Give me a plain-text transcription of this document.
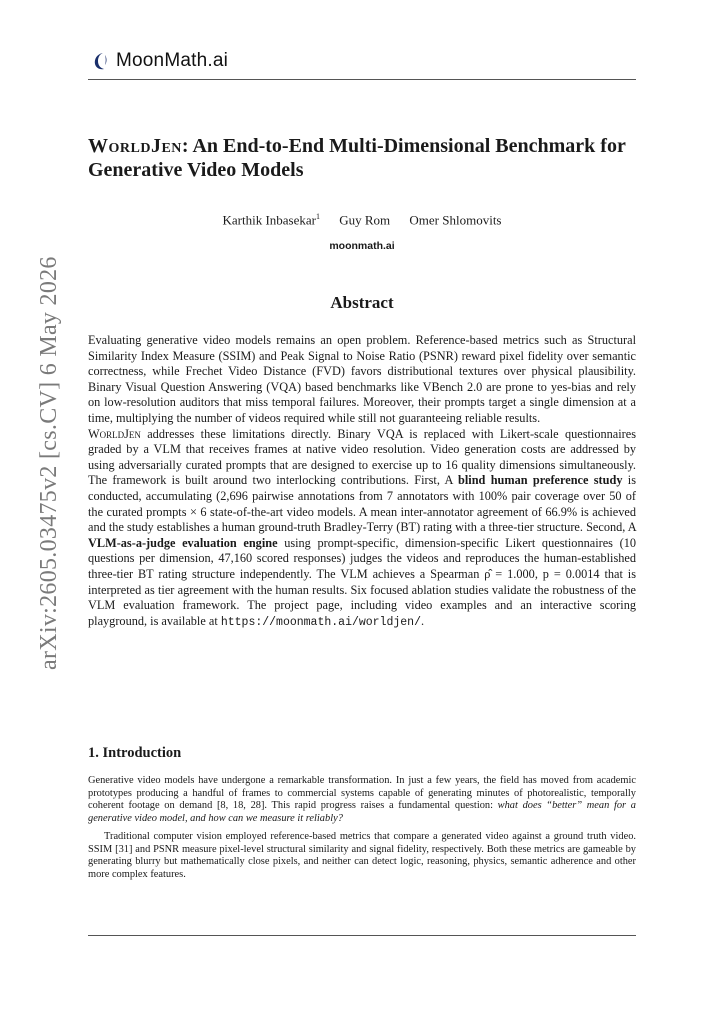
MoonMath.ai
arXiv:2605.03475v2 [cs.CV] 6 May 2026
WorldJen: An End-to-End Multi-Dimensional Benchmark for Generative Video Models
Karthik Inbasekar$^1$ Guy Rom Omer Shlomovits
moonmath.ai
Abstract

Evaluating generative video models remains an open problem. Reference-based metrics such as Structural Similarity Index Measure (SSIM) and Peak Signal to Noise Ratio (PSNR) reward pixel fidelity over semantic correctness, while Frechet Video Distance (FVD) favors distributional textures over physical plausibility. Binary Visual Question Answering (VQA) based benchmarks like VBench 2.0 are prone to yes-bias and rely on low-resolution auditors that miss temporal failures. Moreover, their prompts target a single dimension at a time, multiplying the number of videos required while still not guaranteeing reliable results.

WorldJen addresses these limitations directly. Binary VQA is replaced with Likert-scale questionnaires graded by a VLM that receives frames at native video resolution. Video generation costs are addressed by using adversarially curated prompts that are designed to exercise up to 16 quality dimensions simultaneously. The framework is built around two interlocking contributions. First, A blind human preference study is conducted, accumulating (2,696 pairwise annotations from 7 annotators with 100% pair coverage over 50 of the curated prompts × 6 state-of-the-art video models. A mean inter-annotator agreement of 66.9% is achieved and the study establishes a human ground-truth Bradley-Terry (BT) rating with a three-tier structure. Second, A VLM-as-a-judge evaluation engine using prompt-specific, dimension-specific Likert questionnaires (10 questions per dimension, 47,160 scored responses) judges the videos and reproduces the human-established three-tier BT rating structure independently. The VLM achieves a Spearman ρ̂ = 1.000, p = 0.0014 that is interpreted as tier agreement with the human results. Six focused ablation studies validate the robustness of the VLM evaluation framework. The project page, including video examples and an interactive scoring playground, is available at https://moonmath.ai/worldjen/.

1. Introduction

Generative video models have undergone a remarkable transformation. In just a few years, the field has moved from academic prototypes producing a handful of frames to commercial systems capable of generating minutes of photorealistic, temporally coherent footage on demand [8, 18, 28]. This rapid progress raises a fundamental question: what does “better” mean for a generative video model, and how can we measure it reliably?

Traditional computer vision employed reference-based metrics that compare a generated video against a ground truth video. SSIM [31] and PSNR measure pixel-level structural similarity and signal fidelity, respectively. Both these metrics are gameable by generating blurry but mathematically close pixels, and neither can detect logic, reasoning, physics, semantic adherence and other more complex features.
